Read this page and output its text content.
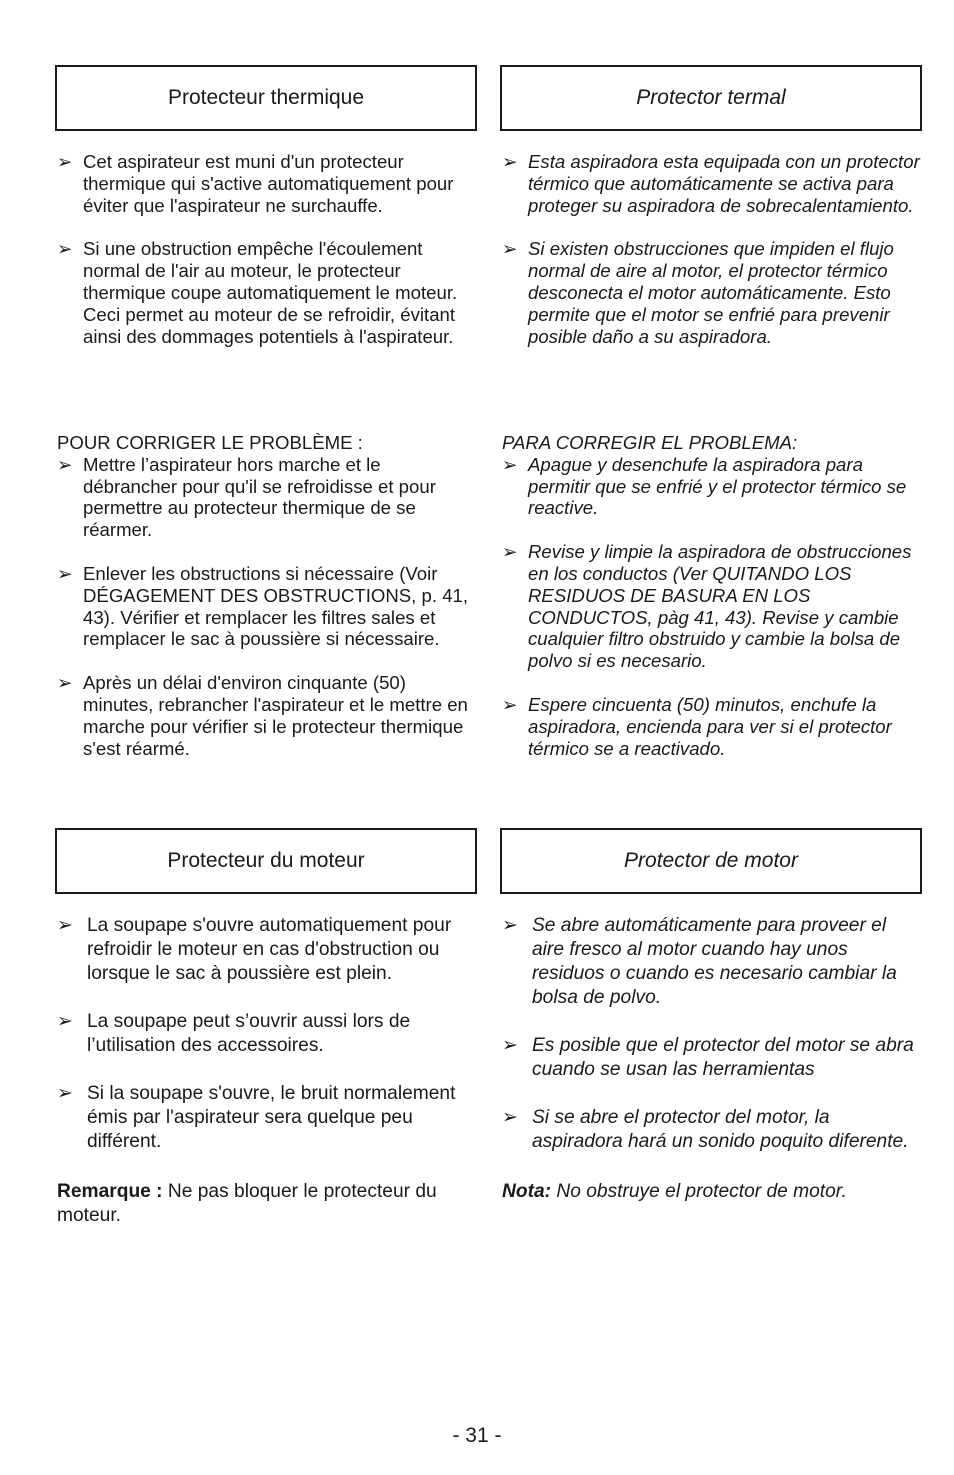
Protecteur thermique
➢ Cet aspirateur est muni d'un protecteur thermique qui s'active automatiquement pour éviter que l'aspirateur ne surchauffe.
➢ Si une obstruction empêche l'écoulement normal de l'air au moteur, le protecteur thermique coupe automatiquement le moteur. Ceci permet au moteur de se refroidir, évitant ainsi des dommages potentiels à l'aspirateur.
POUR CORRIGER LE PROBLÈME :
➢ Mettre l’aspirateur hors marche et le débrancher pour qu'il se refroidisse et pour permettre au protecteur thermique de se réarmer.
➢ Enlever les obstructions si nécessaire (Voir DÉGAGEMENT DES OBSTRUCTIONS, p. 41, 43). Vérifier et remplacer les filtres sales et remplacer le sac à poussière si nécessaire.
➢ Après un délai d'environ cinquante (50) minutes, rebrancher l'aspirateur et le mettre en marche pour vérifier si le protecteur thermique s'est réarmé.
Protector termal
➢ Esta aspiradora esta equipada con un protector térmico que automáticamente se activa para proteger su aspiradora de sobrecalentamiento.
➢ Si existen obstrucciones que impiden el flujo normal de aire al motor, el protector térmico desconecta el motor automáticamente. Esto permite que el motor se enfrié para prevenir posible daño a su aspiradora.
PARA CORREGIR EL PROBLEMA:
➢ Apague y desenchufe la aspiradora para permitir que se enfrié y el protector térmico se reactive.
➢ Revise y limpie la aspiradora de obstrucciones en los conductos (Ver QUITANDO LOS RESIDUOS DE BASURA EN LOS CONDUCTOS, pàg 41, 43). Revise y cambie cualquier filtro obstruido y cambie la bolsa de polvo si es necesario.
➢ Espere cincuenta (50) minutos, enchufe la aspiradora, encienda para ver si el protector térmico se a reactivado.
Protecteur du moteur
➢ La soupape s'ouvre automatiquement pour refroidir le moteur en cas d'obstruction ou lorsque le sac à poussière est plein.
➢ La soupape peut s’ouvrir aussi lors de l’utilisation des accessoires.
➢ Si la soupape s'ouvre, le bruit normalement émis par l'aspirateur sera quelque peu différent.
Remarque : Ne pas bloquer le protecteur du moteur.
Protector de motor
➢ Se abre automáticamente para proveer el aire fresco al motor cuando hay unos residuos o cuando es necesario cambiar la bolsa de polvo.
➢ Es posible que el protector del motor se abra cuando se usan las herramientas
➢ Si se abre el protector del motor, la aspiradora hará un sonido poquito diferente.
Nota: No obstruye el protector de motor.
- 31 -
